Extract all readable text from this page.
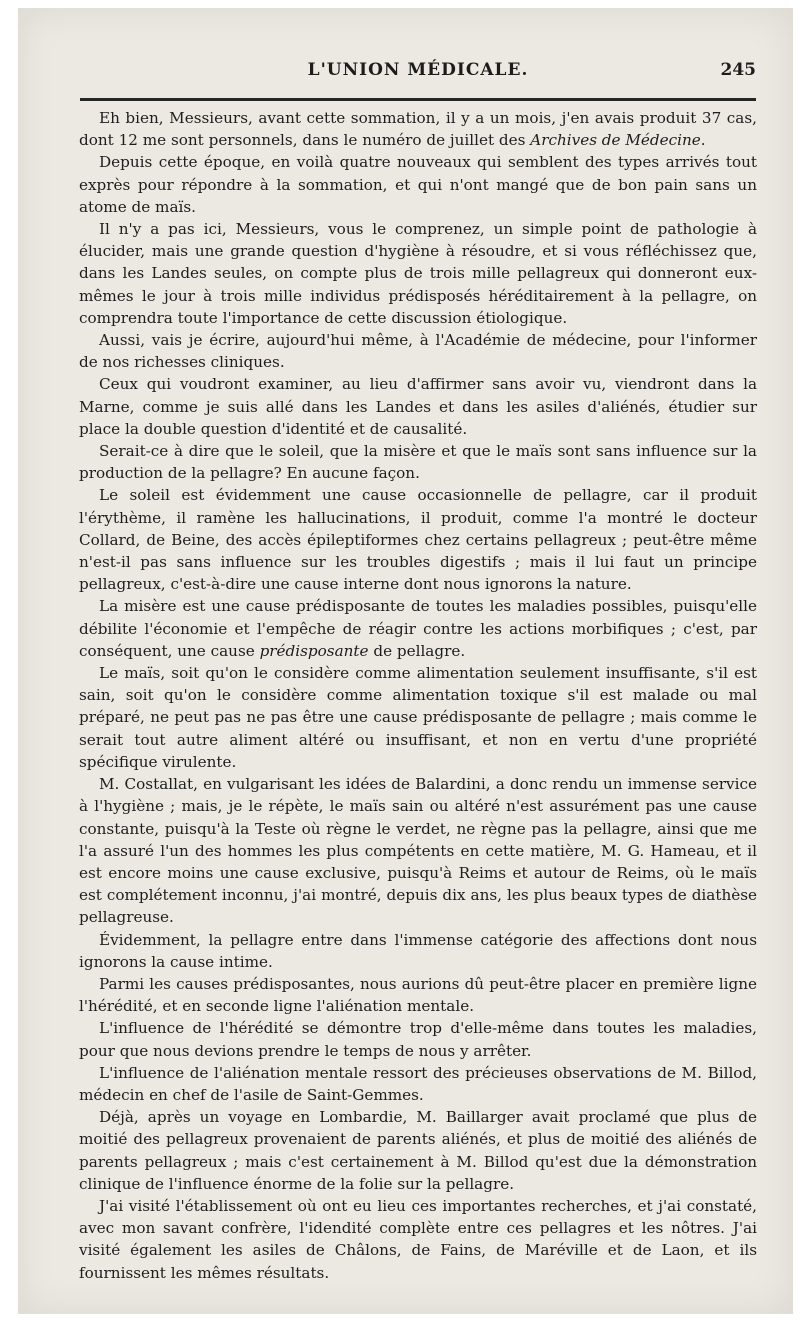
L'UNION MÉDICALE.	245

Eh bien, Messieurs, avant cette sommation, il y a un mois, j'en avais produit 37 cas, dont 12 me sont personnels, dans le numéro de juillet des Archives de Médecine.

Depuis cette époque, en voilà quatre nouveaux qui semblent des types arrivés tout exprès pour répondre à la sommation, et qui n'ont mangé que de bon pain sans un atome de maïs.

Il n'y a pas ici, Messieurs, vous le comprenez, un simple point de pathologie à élucider, mais une grande question d'hygiène à résoudre, et si vous réfléchissez que, dans les Landes seules, on compte plus de trois mille pellagreux qui donneront eux-mêmes le jour à trois mille individus prédisposés héréditairement à la pellagre, on comprendra toute l'importance de cette discussion étiologique.

Aussi, vais je écrire, aujourd'hui même, à l'Académie de médecine, pour l'informer de nos richesses cliniques.

Ceux qui voudront examiner, au lieu d'affirmer sans avoir vu, viendront dans la Marne, comme je suis allé dans les Landes et dans les asiles d'aliénés, étudier sur place la double question d'identité et de causalité.

Serait-ce à dire que le soleil, que la misère et que le maïs sont sans influence sur la production de la pellagre? En aucune façon.

Le soleil est évidemment une cause occasionnelle de pellagre, car il produit l'érythème, il ramène les hallucinations, il produit, comme l'a montré le docteur Collard, de Beine, des accès épileptiformes chez certains pellagreux ; peut-être même n'est-il pas sans influence sur les troubles digestifs ; mais il lui faut un principe pellagreux, c'est-à-dire une cause interne dont nous ignorons la nature.

La misère est une cause prédisposante de toutes les maladies possibles, puisqu'elle débilite l'économie et l'empêche de réagir contre les actions morbifiques ; c'est, par conséquent, une cause prédisposante de pellagre.

Le maïs, soit qu'on le considère comme alimentation seulement insuffisante, s'il est sain, soit qu'on le considère comme alimentation toxique s'il est malade ou mal préparé, ne peut pas ne pas être une cause prédisposante de pellagre ; mais comme le serait tout autre aliment altéré ou insuffisant, et non en vertu d'une propriété spécifique virulente.

M. Costallat, en vulgarisant les idées de Balardini, a donc rendu un immense service à l'hygiène ; mais, je le répète, le maïs sain ou altéré n'est assurément pas une cause constante, puisqu'à la Teste où règne le verdet, ne règne pas la pellagre, ainsi que me l'a assuré l'un des hommes les plus compétents en cette matière, M. G. Hameau, et il est encore moins une cause exclusive, puisqu'à Reims et autour de Reims, où le maïs est complétement inconnu, j'ai montré, depuis dix ans, les plus beaux types de diathèse pellagreuse.

Évidemment, la pellagre entre dans l'immense catégorie des affections dont nous ignorons la cause intime.

Parmi les causes prédisposantes, nous aurions dû peut-être placer en première ligne l'hérédité, et en seconde ligne l'aliénation mentale.

L'influence de l'hérédité se démontre trop d'elle-même dans toutes les maladies, pour que nous devions prendre le temps de nous y arrêter.

L'influence de l'aliénation mentale ressort des précieuses observations de M. Billod, médecin en chef de l'asile de Saint-Gemmes.

Déjà, après un voyage en Lombardie, M. Baillarger avait proclamé que plus de moitié des pellagreux provenaient de parents aliénés, et plus de moitié des aliénés de parents pellagreux ; mais c'est certainement à M. Billod qu'est due la démonstration clinique de l'influence énorme de la folie sur la pellagre.

J'ai visité l'établissement où ont eu lieu ces importantes recherches, et j'ai constaté, avec mon savant confrère, l'idendité complète entre ces pellagres et les nôtres. J'ai visité également les asiles de Châlons, de Fains, de Maréville et de Laon, et ils fournissent les mêmes résultats.
